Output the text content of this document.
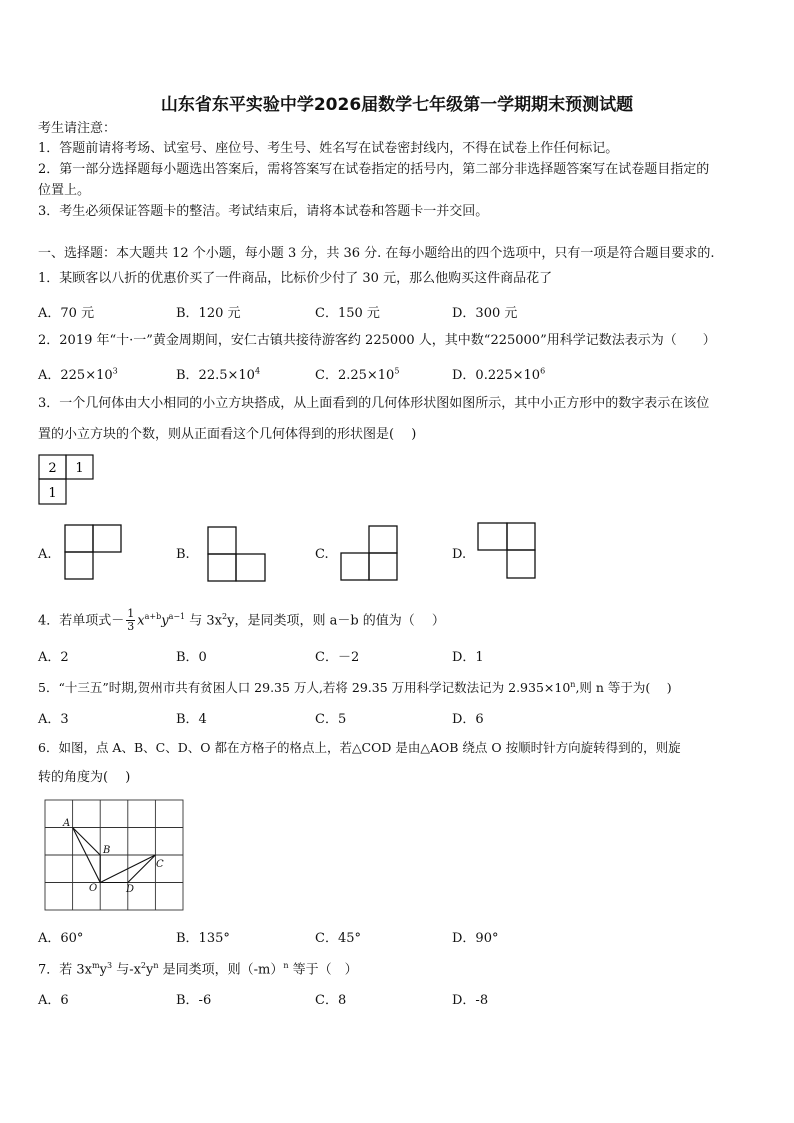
山东省东平实验中学2026届数学七年级第一学期期末预测试题
考生请注意：
1．答题前请将考场、试室号、座位号、考生号、姓名写在试卷密封线内，不得在试卷上作任何标记。
2．第一部分选择题每小题选出答案后，需将答案写在试卷指定的括号内，第二部分非选择题答案写在试卷题目指定的
位置上。
3．考生必须保证答题卡的整洁。考试结束后，请将本试卷和答题卡一并交回。
一、选择题：本大题共 12 个小题，每小题 3 分，共 36 分. 在每小题给出的四个选项中，只有一项是符合题目要求的.
1．某顾客以八折的优惠价买了一件商品，比标价少付了 30 元，那么他购买这件商品花了
A．70 元	B．120 元	C．150 元	D．300 元
2．2019 年“十·一”黄金周期间，安仁古镇共接待游客约 225000 人，其中数“225000”用科学记数法表示为（　　）
A．$225\times 10^3$	B．$22.5\times 10^4$	C．$2.25\times 10^5$	D．$0.225\times 10^6$
3．一个几何体由大小相同的小立方块搭成，从上面看到的几何体形状图如图所示，其中小正方形中的数字表示在该位
置的小立方块的个数，则从正面看这个几何体得到的形状图是(　 )
2 1
1
A.	B.	C.	D.
4．若单项式－ $\frac{1}{3} x^{a+b}y^{a-1}$ 与 $3x^2y$，是同类项，则 a－b 的值为（　 ）
A．2	B．0	C．－2	D．1
5．“十三五”时期,贺州市共有贫困人口 29.35 万人,若将 29.35 万用科学记数法记为 $2.935\times 10^n$,则 n 等于为(　 )
A．3	B．4	C．5	D．6
6．如图，点 A、B、C、D、O 都在方格子的格点上，若△COD 是由△AOB 绕点 O 按顺时针方向旋转得到的，则旋
转的角度为(　 )
A
B
C
O	D
A．60°	B．135°	C．45°	D．90°
7．若 $3x^my^3$ 与$-x^2y^n$ 是同类项，则$(-m)^n$ 等于（　）
A．6	B．-6	C．8	D．-8
